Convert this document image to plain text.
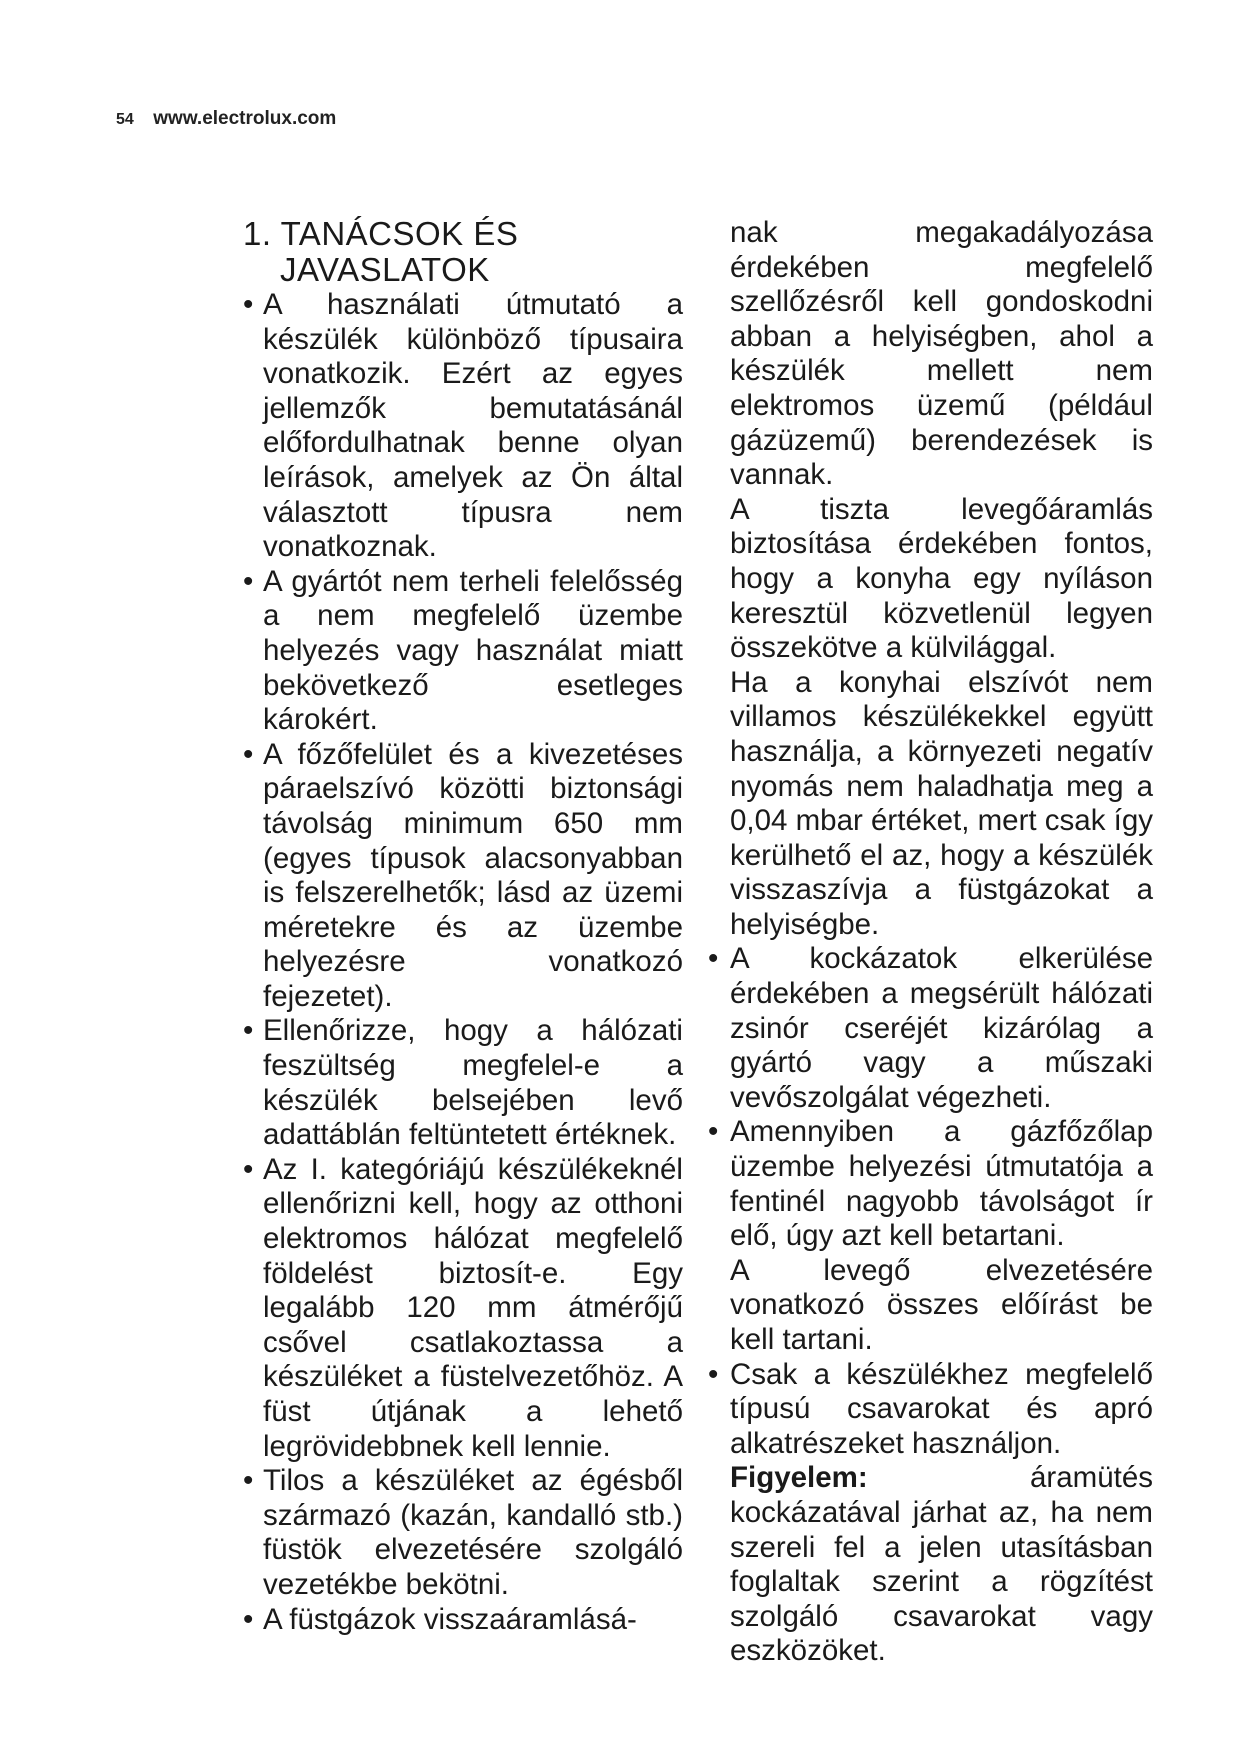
54 www.electrolux.com
1. TANÁCSOK ÉS JAVASLATOK
• A használati útmutató a készülék különböző típusaira vonatkozik. Ezért az egyes jellemzők bemutatásánál előfordulhatnak benne olyan leírások, amelyek az Ön által választott típusra nem vonatkoznak.
• A gyártót nem terheli felelősség a nem megfelelő üzembe helyezés vagy használat miatt bekövetkező esetleges károkért.
• A főzőfelület és a kivezetéses páraelszívó közötti biztonsági távolság minimum 650 mm (egyes típusok alacsonyabban is felszerelhetők; lásd az üzemi méretekre és az üzembe helyezésre vonatkozó fejezetet).
• Ellenőrizze, hogy a hálózati feszültség megfelel-e a készülék belsejében levő adattáblán feltüntetett értéknek.
• Az I. kategóriájú készülékeknél ellenőrizni kell, hogy az otthoni elektromos hálózat megfelelő földelést biztosít-e. Egy legalább 120 mm átmérőjű csővel csatlakoztassa a készüléket a füstelvezetőhöz. A füst útjának a lehető legrövidebbnek kell lennie.
• Tilos a készüléket az égésből származó (kazán, kandalló stb.) füstök elvezetésére szolgáló vezetékbe bekötni.
• A füstgázok visszaáramlásá-
nak megakadályozása érdekében megfelelő szellőzésről kell gondoskodni abban a helyiségben, ahol a készülék mellett nem elektromos üzemű (például gázüzemű) berendezések is vannak.
A tiszta levegőáramlás biztosítása érdekében fontos, hogy a konyha egy nyíláson keresztül közvetlenül legyen összekötve a külvilággal.
Ha a konyhai elszívót nem villamos készülékekkel együtt használja, a környezeti negatív nyomás nem haladhatja meg a 0,04 mbar értéket, mert csak így kerülhető el az, hogy a készülék visszaszívja a füstgázokat a helyiségbe.
• A kockázatok elkerülése érdekében a megsérült hálózati zsinór cseréjét kizárólag a gyártó vagy a műszaki vevőszolgálat végezheti.
• Amennyiben a gázfőzőlap üzembe helyezési útmutatója a fentinél nagyobb távolságot ír elő, úgy azt kell betartani.
A levegő elvezetésére vonatkozó összes előírást be kell tartani.
• Csak a készülékhez megfelelő típusú csavarokat és apró alkatrészeket használjon.
Figyelem:	áramütés kockázatával járhat az, ha nem szereli fel a jelen utasításban foglaltak szerint a rögzítést szolgáló csavarokat vagy eszközöket.
